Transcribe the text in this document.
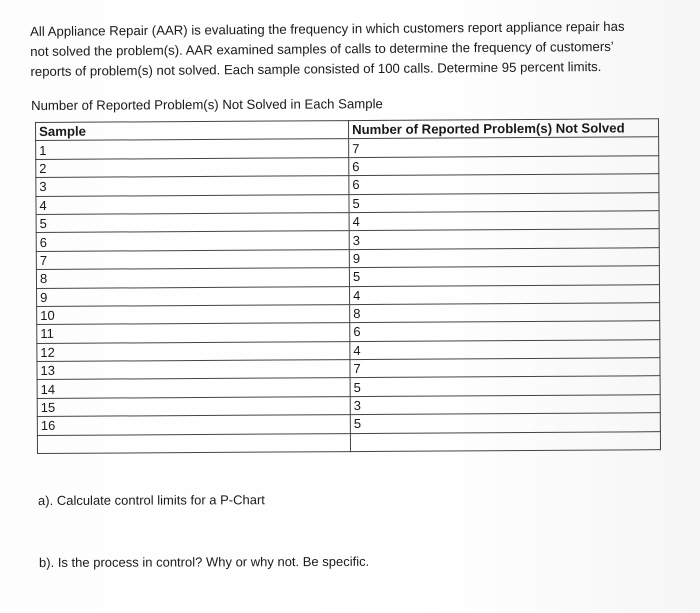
All Appliance Repair (AAR) is evaluating the frequency in which customers report appliance repair has

not solved the problem(s). AAR examined samples of calls to determine the frequency of customers’

reports of problem(s) not solved. Each sample consisted of 100 calls. Determine 95 percent limits.

Number of Reported Problem(s) Not Solved in Each Sample
Sample	Number of Reported Problem(s) Not Solved
1	7
2	6
3	6
4	5
5	4
6	3
7	9
8	5
9	4
10	8
11	6
12	4
13	7
14	5
15	3
16	5

a). Calculate control limits for a P-Chart
b). Is the process in control? Why or why not. Be specific.
